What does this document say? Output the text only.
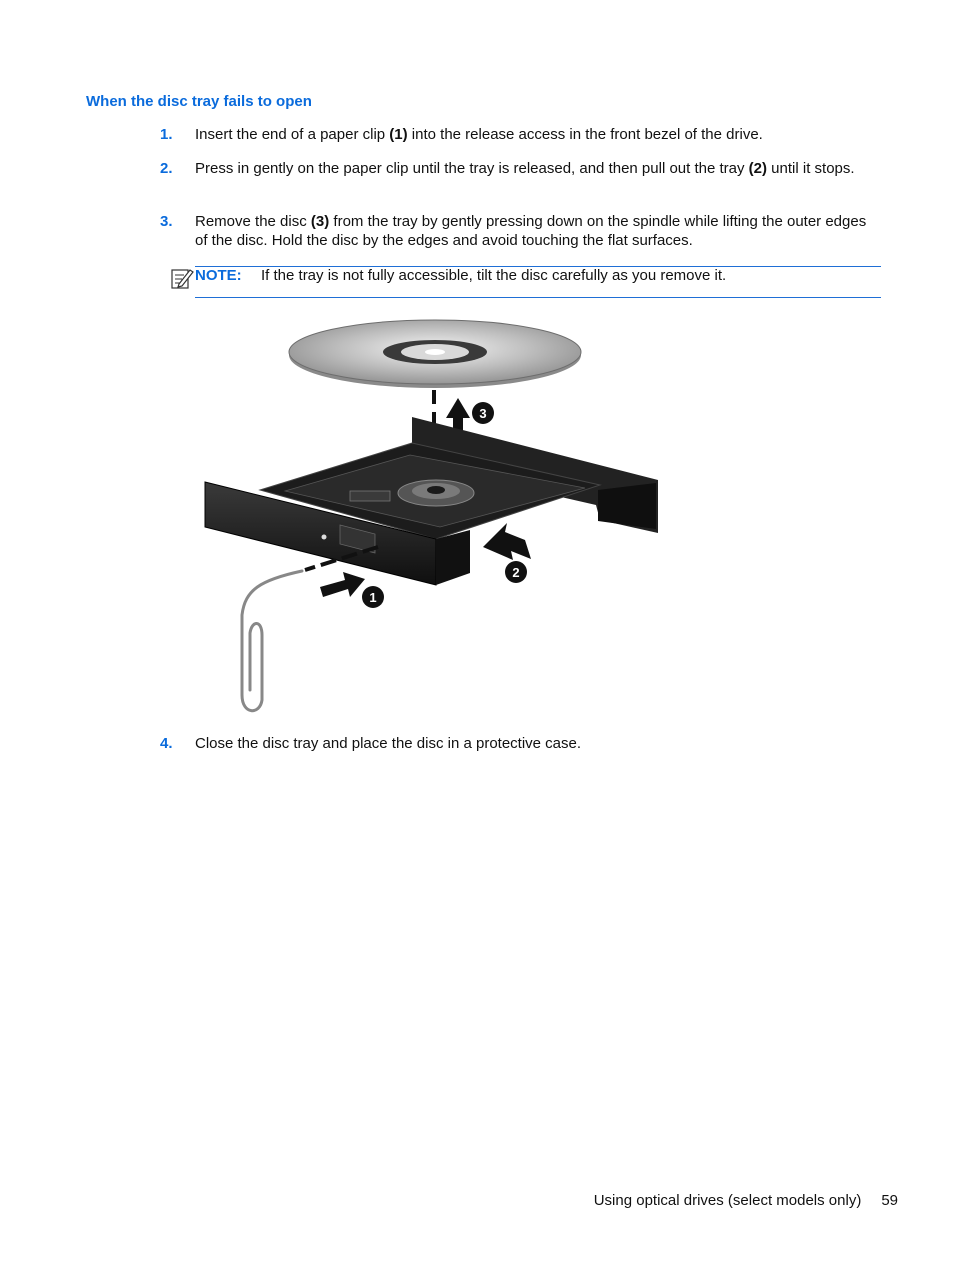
When the disc tray fails to open
1. Insert the end of a paper clip (1) into the release access in the front bezel of the drive.
2. Press in gently on the paper clip until the tray is released, and then pull out the tray (2) until it stops.
3. Remove the disc (3) from the tray by gently pressing down on the spindle while lifting the outer edges of the disc. Hold the disc by the edges and avoid touching the flat surfaces.
NOTE: If the tray is not fully accessible, tilt the disc carefully as you remove it.
3
2
1
4. Close the disc tray and place the disc in a protective case.
Using optical drives (select models only) 59
